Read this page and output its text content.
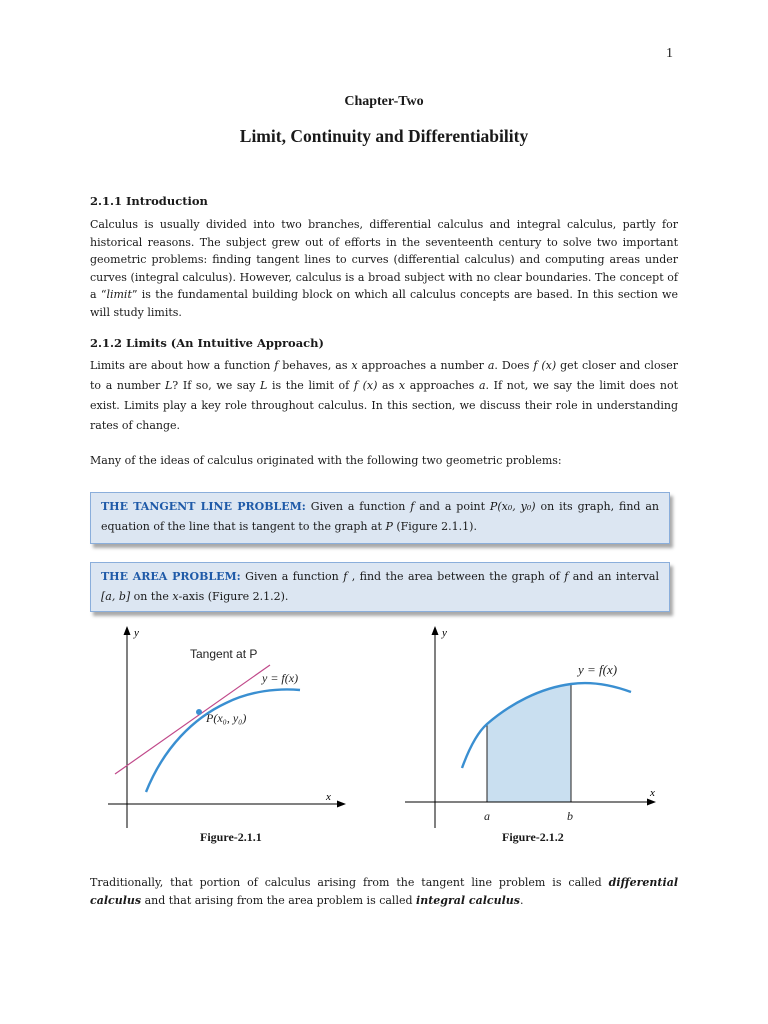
1
Chapter-Two
Limit, Continuity and Differentiability
2.1.1 Introduction

Calculus is usually divided into two branches, differential calculus and integral calculus, partly for historical reasons. The subject grew out of efforts in the seventeenth century to solve two important geometric problems: finding tangent lines to curves (differential calculus) and computing areas under curves (integral calculus). However, calculus is a broad subject with no clear boundaries. The concept of a “limit” is the fundamental building block on which all calculus concepts are based. In this section we will study limits.

2.1.2 Limits (An Intuitive Approach)

Limits are about how a function f behaves, as x approaches a number a. Does f (x) get closer and closer to a number L? If so, we say L is the limit of f (x) as x approaches a. If not, we say the limit does not exist. Limits play a key role throughout calculus. In this section, we discuss their role in understanding rates of change.

Many of the ideas of calculus originated with the following two geometric problems:

THE TANGENT LINE PROBLEM: Given a function f and a point P(x₀, y₀) on its graph, find an equation of the line that is tangent to the graph at P (Figure 2.1.1).
THE AREA PROBLEM: Given a function f , find the area between the graph of f and an interval [a, b] on the x-axis (Figure 2.1.2).
y
x
Tangent at P
y = f(x)
P(x₀, y₀)
y
x
y = f(x)
a	b
Figure-2.1.1	Figure-2.1.2

Traditionally, that portion of calculus arising from the tangent line problem is called differential calculus and that arising from the area problem is called integral calculus.
